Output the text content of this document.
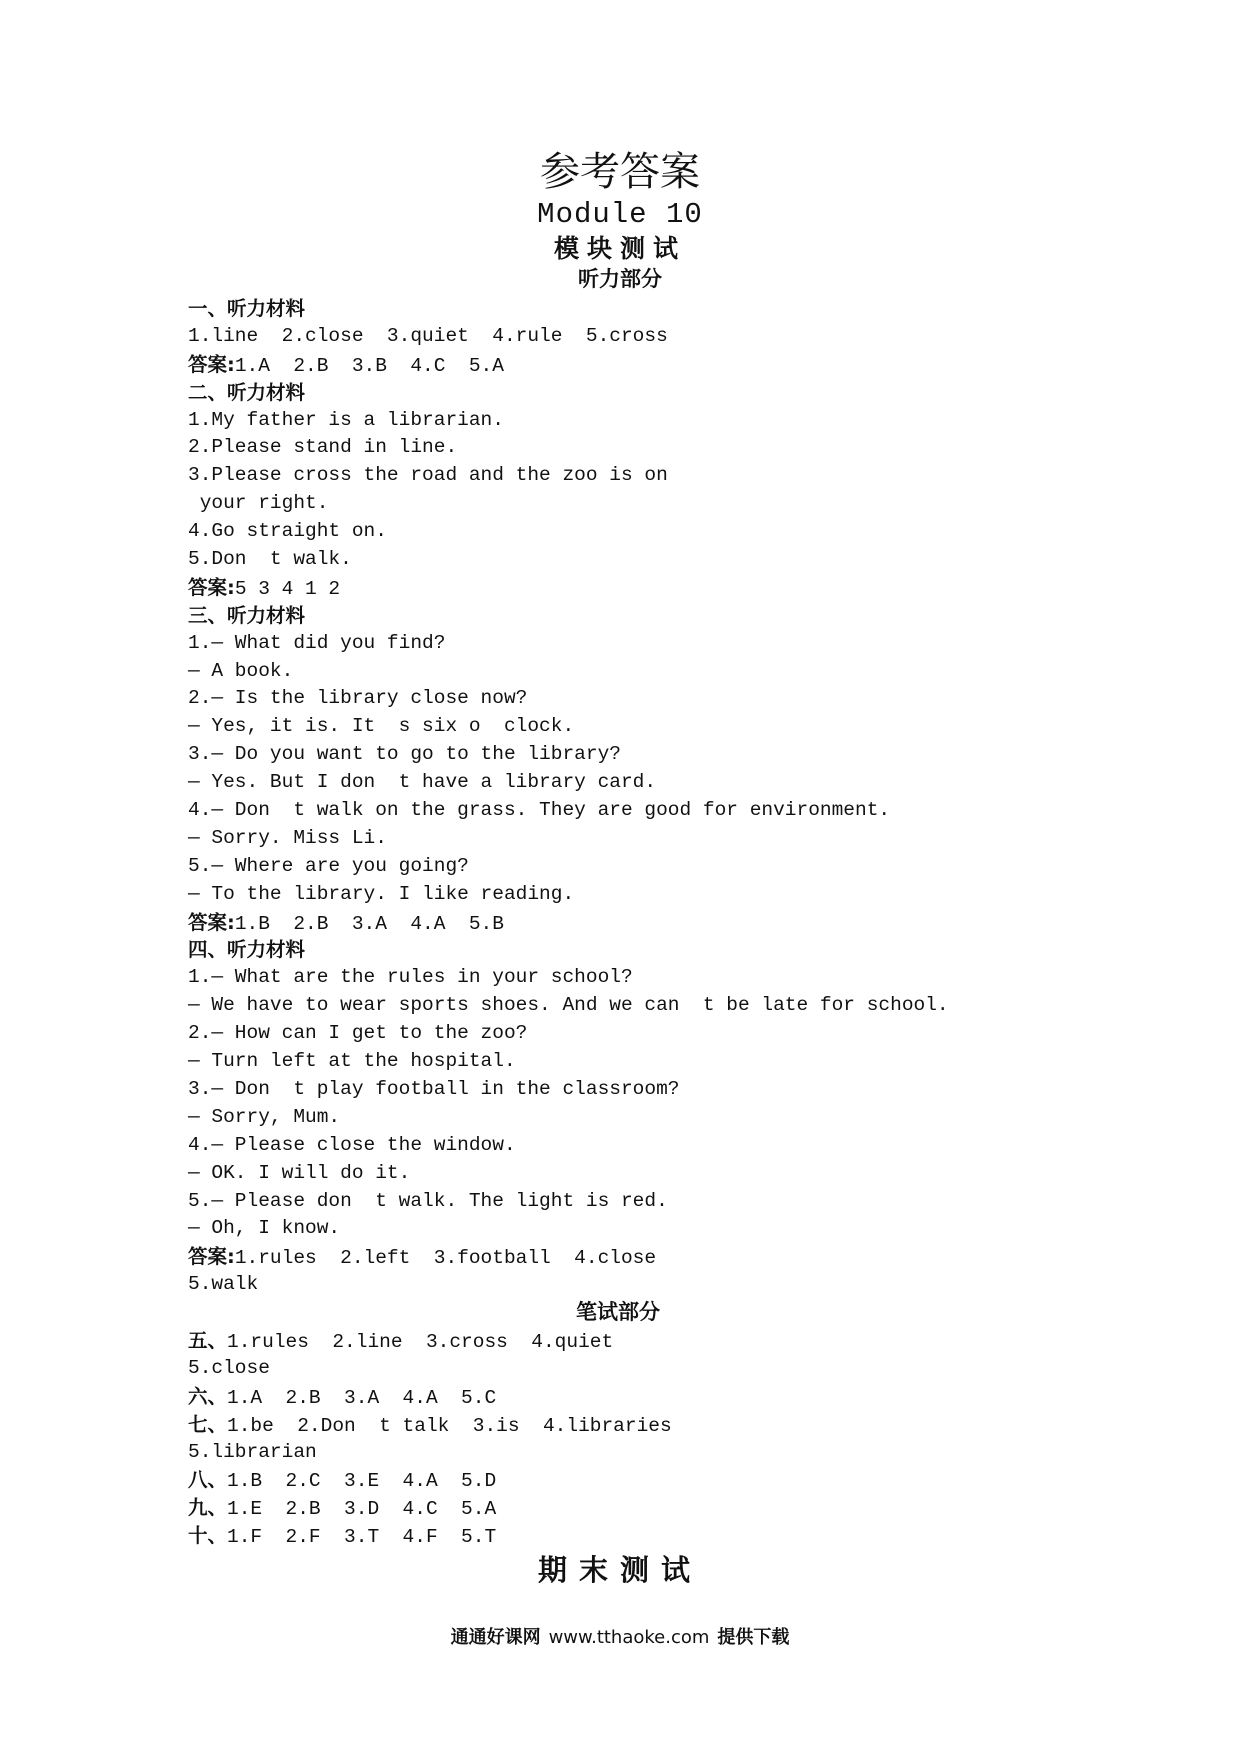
参考答案
Module 10
模块测试
听力部分
一、听力材料
1.line  2.close  3.quiet  4.rule  5.cross
答案:1.A  2.B  3.B  4.C  5.A
二、听力材料
1.My father is a librarian.
2.Please stand in line.
3.Please cross the road and the zoo is on
your right.
4.Go straight on.
5.Don  t walk.
答案:5 3 4 1 2
三、听力材料
1.— What did you find?
— A book.
2.— Is the library close now?
— Yes, it is. It  s six o  clock.
3.— Do you want to go to the library?
— Yes. But I don  t have a library card.
4.— Don  t walk on the grass. They are good for environment.
— Sorry. Miss Li.
5.— Where are you going?
— To the library. I like reading.
答案:1.B  2.B  3.A  4.A  5.B
四、听力材料
1.— What are the rules in your school?
— We have to wear sports shoes. And we can  t be late for school.
2.— How can I get to the zoo?
— Turn left at the hospital.
3.— Don  t play football in the classroom?
— Sorry, Mum.
4.— Please close the window.
— OK. I will do it.
5.— Please don  t walk. The light is red.
— Oh, I know.
答案:1.rules  2.left  3.football  4.close
5.walk
笔试部分
五、1.rules  2.line  3.cross  4.quiet
5.close
六、1.A  2.B  3.A  4.A  5.C
七、1.be  2.Don  t talk  3.is  4.libraries
5.librarian
八、1.B  2.C  3.E  4.A  5.D
九、1.E  2.B  3.D  4.C  5.A
十、1.F  2.F  3.T  4.F  5.T
期末测试
通通好课网 www.tthaoke.com 提供下载
